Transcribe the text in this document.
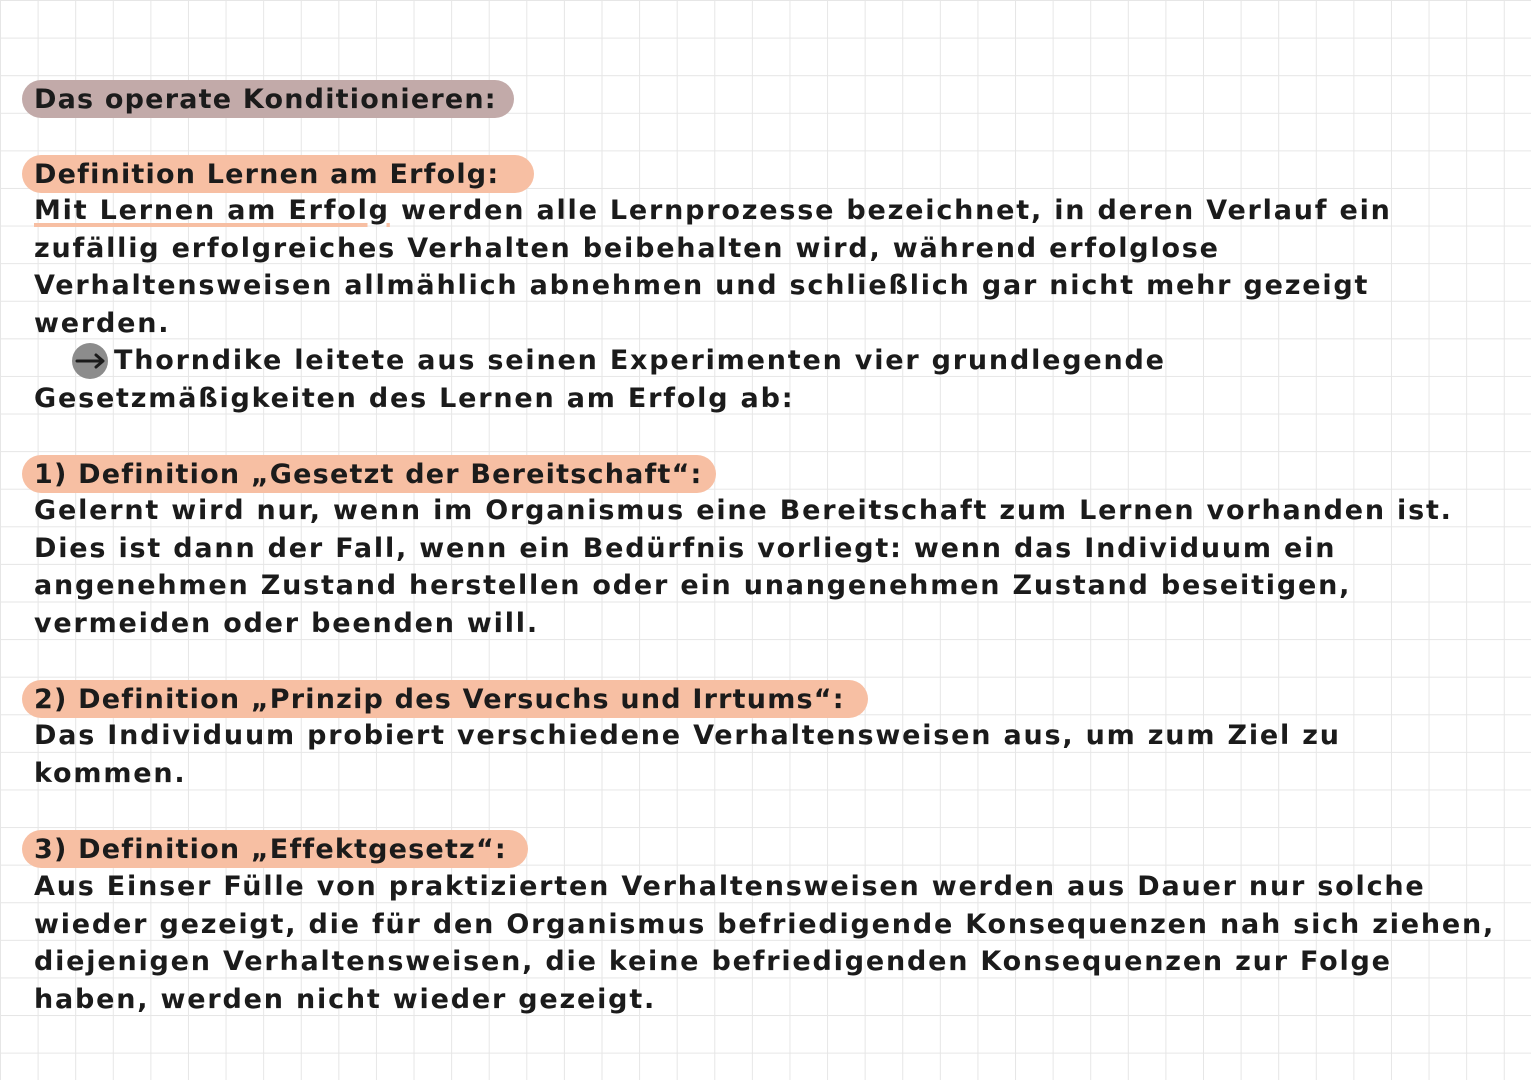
Das operate Konditionieren:
Definition Lernen am Erfolg:
Mit Lernen am Erfolg werden alle Lernprozesse bezeichnet, in deren Verlauf ein
zufällig erfolgreiches Verhalten beibehalten wird, während erfolglose
Verhaltensweisen allmählich abnehmen und schließlich gar nicht mehr gezeigt
werden.
Thorndike leitete aus seinen Experimenten vier grundlegende
Gesetzmäßigkeiten des Lernen am Erfolg ab:
1) Definition „Gesetzt der Bereitschaft“:
Gelernt wird nur, wenn im Organismus eine Bereitschaft zum Lernen vorhanden ist.
Dies ist dann der Fall, wenn ein Bedürfnis vorliegt: wenn das Individuum ein
angenehmen Zustand herstellen oder ein unangenehmen Zustand beseitigen,
vermeiden oder beenden will.
2) Definition „Prinzip des Versuchs und Irrtums“:
Das Individuum probiert verschiedene Verhaltensweisen aus, um zum Ziel zu
kommen.
3) Definition „Effektgesetz“:
Aus Einser Fülle von praktizierten Verhaltensweisen werden aus Dauer nur solche
wieder gezeigt, die für den Organismus befriedigende Konsequenzen nah sich ziehen,
diejenigen Verhaltensweisen, die keine befriedigenden Konsequenzen zur Folge
haben, werden nicht wieder gezeigt.
